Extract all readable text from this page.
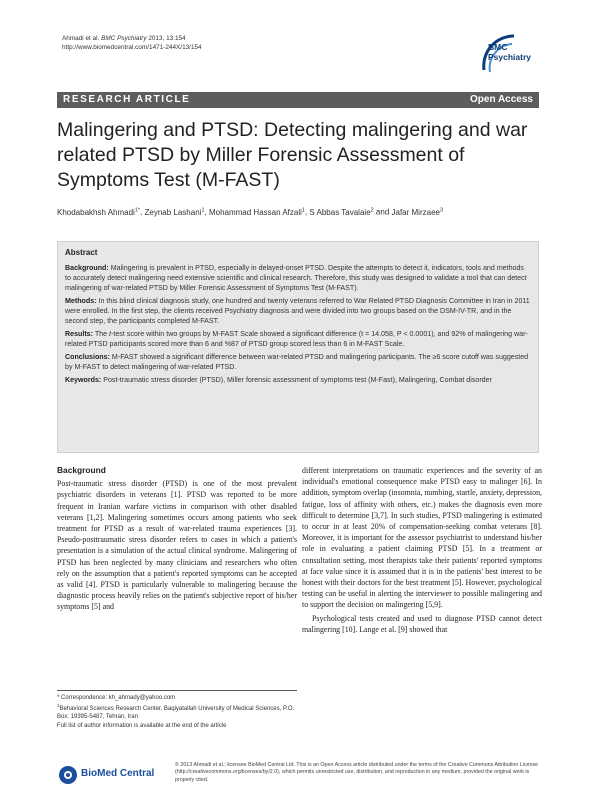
Ahmadi et al. BMC Psychiatry 2013, 13:154
http://www.biomedcentral.com/1471-244X/13/154	BMC
Psychiatry
RESEARCH ARTICLE	Open Access
Malingering and PTSD: Detecting malingering and war related PTSD by Miller Forensic Assessment of Symptoms Test (M-FAST)
Khodabakhsh Ahmadi$^{1*}$, Zeynab Lashani$^1$, Mohammad Hassan Afzali$^1$, S Abbas Tavalaie$^2$ and Jafar Mirzaee$^3$
Abstract

Background: Malingering is prevalent in PTSD, especially in delayed-onset PTSD. Despite the attempts to detect it, indicators, tools and methods to accurately detect malingering need extensive scientific and clinical research. Therefore, this study was designed to validate a tool that can detect malingering of war-related PTSD by Miller Forensic Assessment of Symptoms Test (M-FAST).

Methods: In this blind clinical diagnosis study, one hundred and twenty veterans referred to War Related PTSD Diagnosis Committee in Iran in 2011 were enrolled. In the first step, the clients received Psychiatry diagnosis and were divided into two groups based on the DSM-IV-TR, and in the second step, the participants completed M-FAST.

Results: The t-test score within two groups by M-FAST Scale showed a significant difference (t = 14.058, P < 0.0001), and 92% of malingering war-related PTSD participants scored more than 6 and %87 of PTSD group scored less than 6 in M-FAST Scale.

Conclusions: M-FAST showed a significant difference between war-related PTSD and malingering participants. The ≥6 score cutoff was suggested by M-FAST to detect malingering of war-related PTSD.

Keywords: Post-traumatic stress disorder (PTSD), Miller forensic assessment of symptoms test (M-Fast), Malingering, Combat disorder

Background

Post-traumatic stress disorder (PTSD) is one of the most prevalent psychiatric disorders in veterans [1]. PTSD was reported to be more frequent in Iranian warfare victims in comparison with other disabled veterans [1,2]. Malingering sometimes occurs among patients who seek treatment for PTSD as a result of war-related trauma experiences [3]. Pseudo-posttraumatic stress disorder refers to cases in which a patient's presentation is a simulation of the actual clinical syndrome. Malingering of PTSD has been neglected by many clinicians and researchers who often rely on the assumption that a patient's reported symptoms can be accepted as valid [4]. PTSD is particularly vulnerable to malingering because the diagnostic process heavily relies on the patient's subjective report of his/her symptoms [5] and

different interpretations on traumatic experiences and the severity of an individual's emotional consequence make PTSD easy to malinger [6]. In addition, symptom overlap (insomnia, numbing, startle, anxiety, depression, fatigue, loss of affinity with others, etc.) makes the diagnosis even more difficult to determine [3,7]. In such studies, PTSD malingering is estimated to occur in at least 20% of compensation-seeking combat veterans [8]. Moreover, it is important for the assessor psychiatrist to understand his/her role in evaluating a patient claiming PTSD [5]. In a treatment or consultation setting, most therapists take their patients' reported symptoms at face value since it is assumed that it is in the patients' best interest to be honest with their doctors for the best treatment [5]. However, psychological testing can be useful in alerting the interviewer to possible malingering and to support the decision on malingering [5,9].

Psychological tests created and used to diagnose PTSD cannot detect malingering [10]. Lange et al. [9] showed that

* Correspondence: kh_ahmady@yahoo.com
$^1$Behavioral Sciences Research Center, Baqiyatallah University of Medical Sciences, P.O. Box: 19395-5487, Tehran, Iran
Full list of author information is available at the end of the article
BioMed Central
© 2013 Ahmadi et al.; licensee BioMed Central Ltd. This is an Open Access article distributed under the terms of the Creative Commons Attribution License (http://creativecommons.org/licenses/by/2.0), which permits unrestricted use, distribution, and reproduction in any medium, provided the original work is properly cited.
